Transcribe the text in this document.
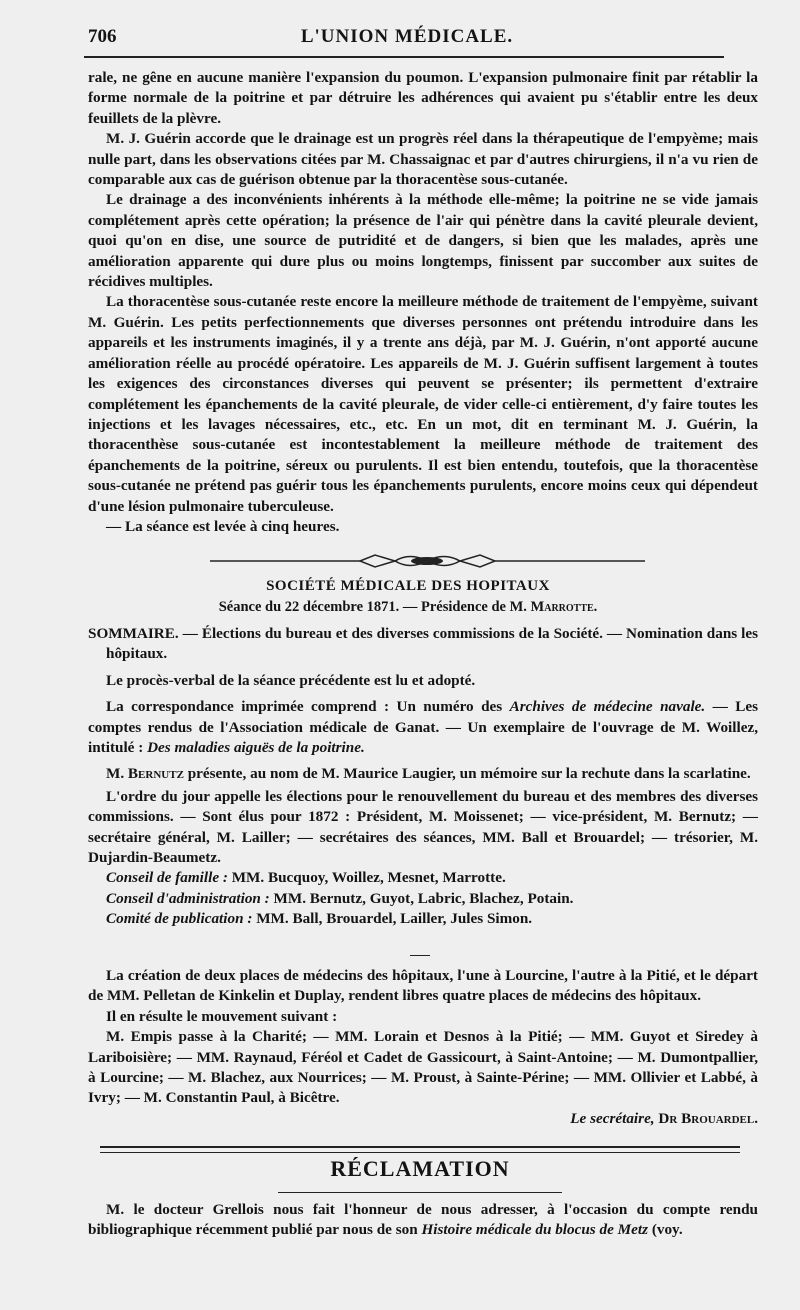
706	L'UNION MÉDICALE.

rale, ne gêne en aucune manière l'expansion du poumon. L'expansion pulmonaire finit par rétablir la forme normale de la poitrine et par détruire les adhérences qui avaient pu s'établir entre les deux feuillets de la plèvre.

M. J. Guérin accorde que le drainage est un progrès réel dans la thérapeutique de l'empyème; mais nulle part, dans les observations citées par M. Chassaignac et par d'autres chirurgiens, il n'a vu rien de comparable aux cas de guérison obtenue par la thoracentèse sous-cutanée.

Le drainage a des inconvénients inhérents à la méthode elle-même; la poitrine ne se vide jamais complétement après cette opération; la présence de l'air qui pénètre dans la cavité pleurale devient, quoi qu'on en dise, une source de putridité et de dangers, si bien que les malades, après une amélioration apparente qui dure plus ou moins longtemps, finissent par succomber aux suites de récidives multiples.

La thoracentèse sous-cutanée reste encore la meilleure méthode de traitement de l'empyème, suivant M. Guérin. Les petits perfectionnements que diverses personnes ont prétendu introduire dans les appareils et les instruments imaginés, il y a trente ans déjà, par M. J. Guérin, n'ont apporté aucune amélioration réelle au procédé opératoire. Les appareils de M. J. Guérin suffisent largement à toutes les exigences des circonstances diverses qui peuvent se présenter; ils permettent d'extraire complétement les épanchements de la cavité pleurale, de vider celle-ci entièrement, d'y faire toutes les injections et les lavages nécessaires, etc., etc. En un mot, dit en terminant M. J. Guérin, la thoracenthèse sous-cutanée est incontestablement la meilleure méthode de traitement des épanchements de la poitrine, séreux ou purulents. Il est bien entendu, toutefois, que la thoracentèse sous-cutanée ne prétend pas guérir tous les épanchements purulents, encore moins ceux qui dépendeut d'une lésion pulmonaire tuberculeuse.

— La séance est levée à cinq heures.

SOCIÉTÉ MÉDICALE DES HOPITAUX
Séance du 22 décembre 1871. — Présidence de M. Marrotte.

SOMMAIRE. — Élections du bureau et des diverses commissions de la Société. — Nomination dans les hôpitaux.

Le procès-verbal de la séance précédente est lu et adopté.

La correspondance imprimée comprend : Un numéro des Archives de médecine navale. — Les comptes rendus de l'Association médicale de Ganat. — Un exemplaire de l'ouvrage de M. Woillez, intitulé : Des maladies aiguës de la poitrine.

M. Bernutz présente, au nom de M. Maurice Laugier, un mémoire sur la rechute dans la scarlatine.

L'ordre du jour appelle les élections pour le renouvellement du bureau et des membres des diverses commissions. — Sont élus pour 1872 : Président, M. Moissenet; — vice-président, M. Bernutz; — secrétaire général, M. Lailler; — secrétaires des séances, MM. Ball et Brouardel; — trésorier, M. Dujardin-Beaumetz.

Conseil de famille : MM. Bucquoy, Woillez, Mesnet, Marrotte.

Conseil d'administration : MM. Bernutz, Guyot, Labric, Blachez, Potain.

Comité de publication : MM. Ball, Brouardel, Lailler, Jules Simon.

La création de deux places de médecins des hôpitaux, l'une à Lourcine, l'autre à la Pitié, et le départ de MM. Pelletan de Kinkelin et Duplay, rendent libres quatre places de médecins des hôpitaux.

Il en résulte le mouvement suivant :

M. Empis passe à la Charité; — MM. Lorain et Desnos à la Pitié; — MM. Guyot et Siredey à Lariboisière; — MM. Raynaud, Féréol et Cadet de Gassicourt, à Saint-Antoine; — M. Dumontpallier, à Lourcine; — M. Blachez, aux Nourrices; — M. Proust, à Sainte-Périne; — MM. Ollivier et Labbé, à Ivry; — M. Constantin Paul, à Bicêtre.

Le secrétaire, Dr Brouardel.

RÉCLAMATION

M. le docteur Grellois nous fait l'honneur de nous adresser, à l'occasion du compte rendu bibliographique récemment publié par nous de son Histoire médicale du blocus de Metz (voy.
